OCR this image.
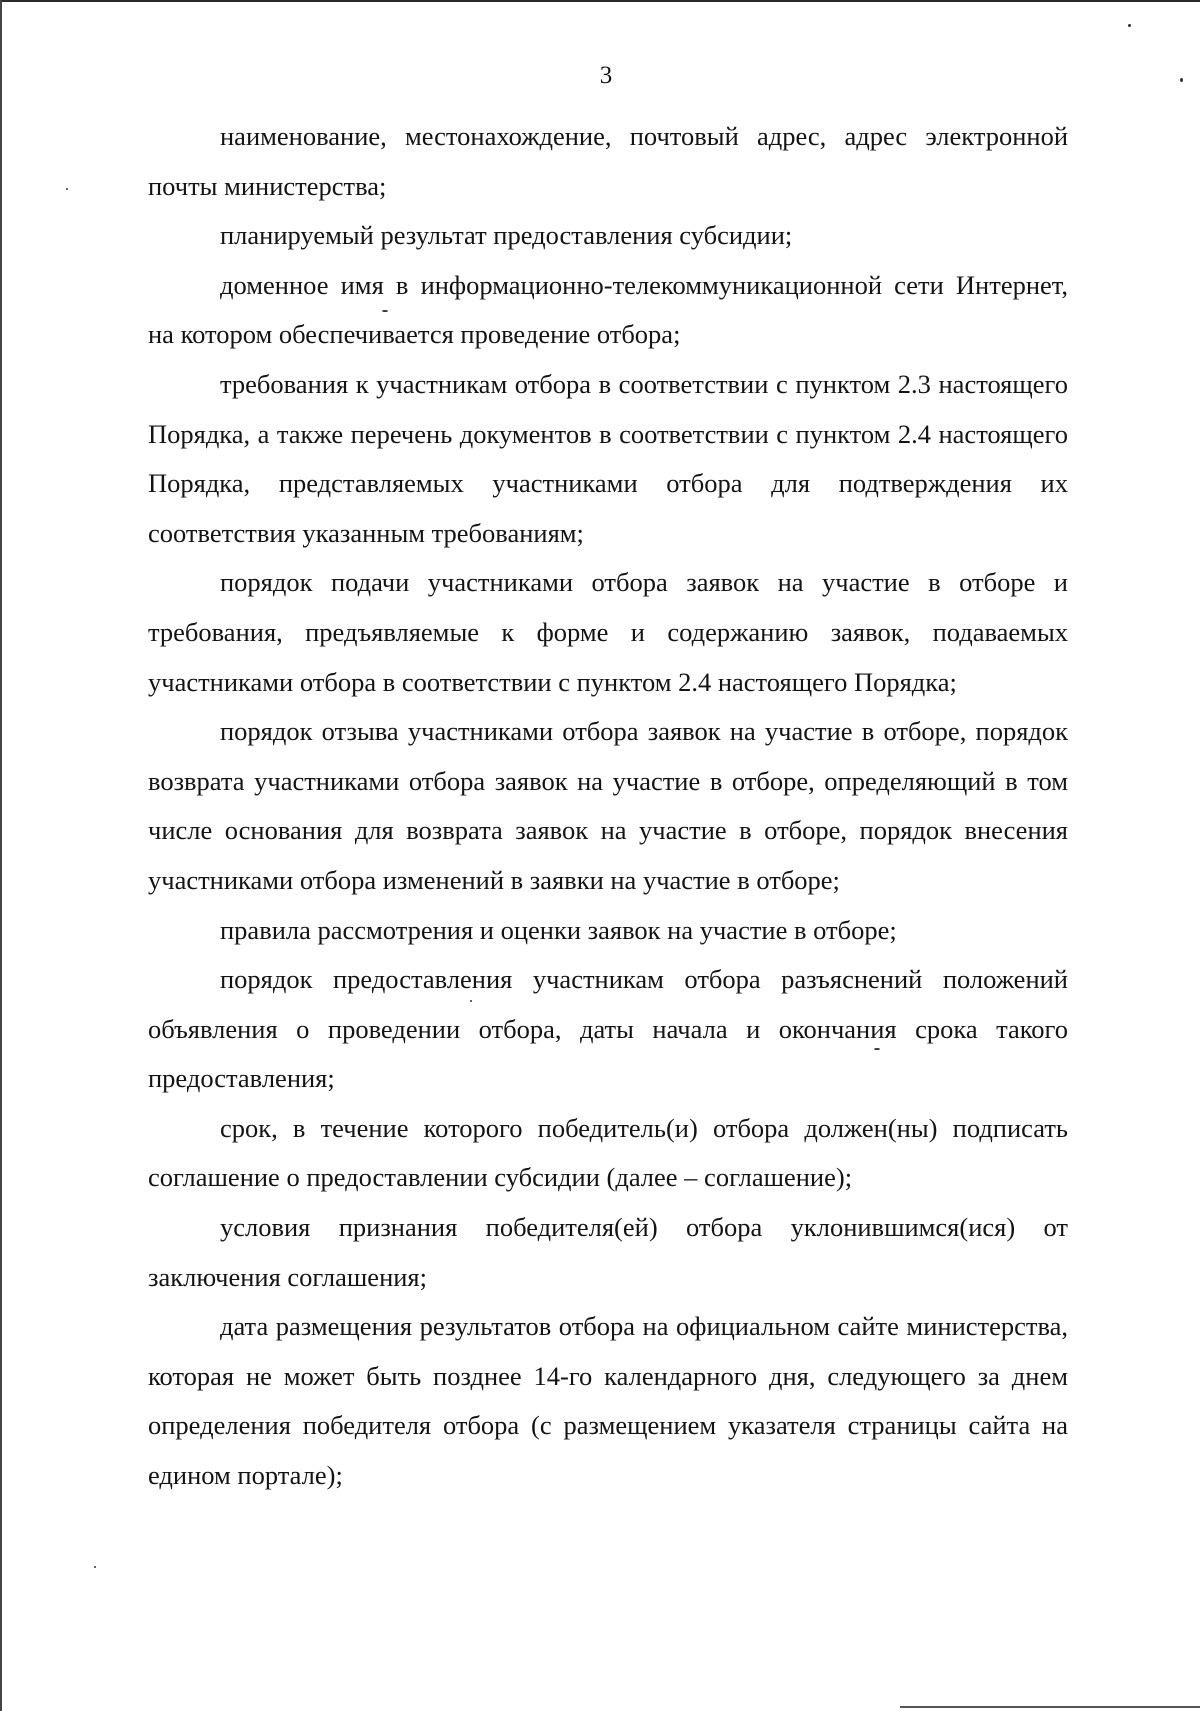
3

наименование, местонахождение, почтовый адрес, адрес электронной почты министерства;

планируемый результат предоставления субсидии;

доменное имя в информационно-телекоммуникационной сети Интернет, на котором обеспечивается проведение отбора;

требования к участникам отбора в соответствии с пунктом 2.3 настоящего Порядка, а также перечень документов в соответствии с пунктом 2.4 настоящего Порядка, представляемых участниками отбора для подтверждения их соответствия указанным требованиям;

порядок подачи участниками отбора заявок на участие в отборе и требования, предъявляемые к форме и содержанию заявок, подаваемых участниками отбора в соответствии с пунктом 2.4 настоящего Порядка;

порядок отзыва участниками отбора заявок на участие в отборе, порядок возврата участниками отбора заявок на участие в отборе, определяющий в том числе основания для возврата заявок на участие в отборе, порядок внесения участниками отбора изменений в заявки на участие в отборе;

правила рассмотрения и оценки заявок на участие в отборе;

порядок предоставления участникам отбора разъяснений положений объявления о проведении отбора, даты начала и окончания срока такого предоставления;

срок, в течение которого победитель(и) отбора должен(ны) подписать соглашение о предоставлении субсидии (далее – соглашение);

условия признания победителя(ей) отбора уклонившимся(ися) от заключения соглашения;

дата размещения результатов отбора на официальном сайте министерства, которая не может быть позднее 14-го календарного дня, следующего за днем определения победителя отбора (с размещением указателя страницы сайта на едином портале);
